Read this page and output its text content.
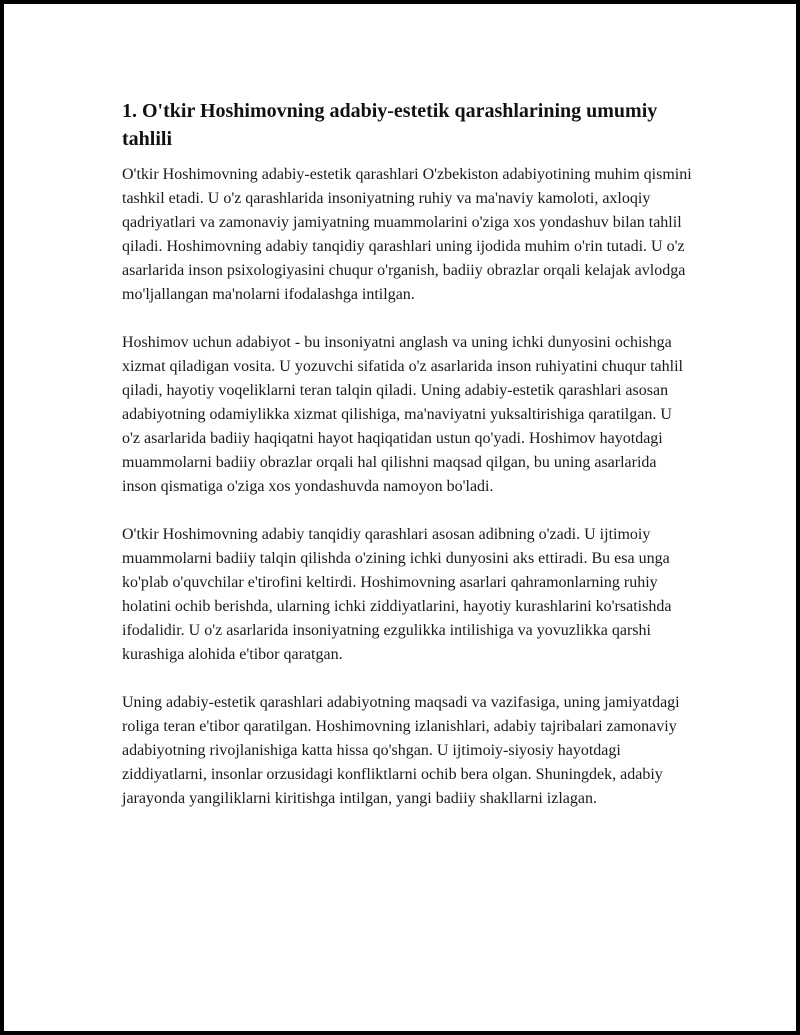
1. O'tkir Hoshimovning adabiy-estetik qarashlarining umumiy tahlili

O'tkir Hoshimovning adabiy-estetik qarashlari O'zbekiston adabiyotining muhim qismini tashkil etadi. U o'z qarashlarida insoniyatning ruhiy va ma'naviy kamoloti, axloqiy qadriyatlari va zamonaviy jamiyatning muammolarini o'ziga xos yondashuv bilan tahlil qiladi. Hoshimovning adabiy tanqidiy qarashlari uning ijodida muhim o'rin tutadi. U o'z asarlarida inson psixologiyasini chuqur o'rganish, badiiy obrazlar orqali kelajak avlodga mo'ljallangan ma'nolarni ifodalashga intilgan.

Hoshimov uchun adabiyot - bu insoniyatni anglash va uning ichki dunyosini ochishga xizmat qiladigan vosita. U yozuvchi sifatida o'z asarlarida inson ruhiyatini chuqur tahlil qiladi, hayotiy voqeliklarni teran talqin qiladi. Uning adabiy-estetik qarashlari asosan adabiyotning odamiylikka xizmat qilishiga, ma'naviyatni yuksaltirishiga qaratilgan. U o'z asarlarida badiiy haqiqatni hayot haqiqatidan ustun qo'yadi. Hoshimov hayotdagi muammolarni badiiy obrazlar orqali hal qilishni maqsad qilgan, bu uning asarlarida inson qismatiga o'ziga xos yondashuvda namoyon bo'ladi.

O'tkir Hoshimovning adabiy tanqidiy qarashlari asosan adibning o'zadi. U ijtimoiy muammolarni badiiy talqin qilishda o'zining ichki dunyosini aks ettiradi. Bu esa unga ko'plab o'quvchilar e'tirofini keltirdi. Hoshimovning asarlari qahramonlarning ruhiy holatini ochib berishda, ularning ichki ziddiyatlarini, hayotiy kurashlarini ko'rsatishda ifodalidir. U o'z asarlarida insoniyatning ezgulikka intilishiga va yovuzlikka qarshi kurashiga alohida e'tibor qaratgan.

Uning adabiy-estetik qarashlari adabiyotning maqsadi va vazifasiga, uning jamiyatdagi roliga teran e'tibor qaratilgan. Hoshimovning izlanishlari, adabiy tajribalari zamonaviy adabiyotning rivojlanishiga katta hissa qo'shgan. U ijtimoiy-siyosiy hayotdagi ziddiyatlarni, insonlar orzusidagi konfliktlarni ochib bera olgan. Shuningdek, adabiy jarayonda yangiliklarni kiritishga intilgan, yangi badiiy shakllarni izlagan.
